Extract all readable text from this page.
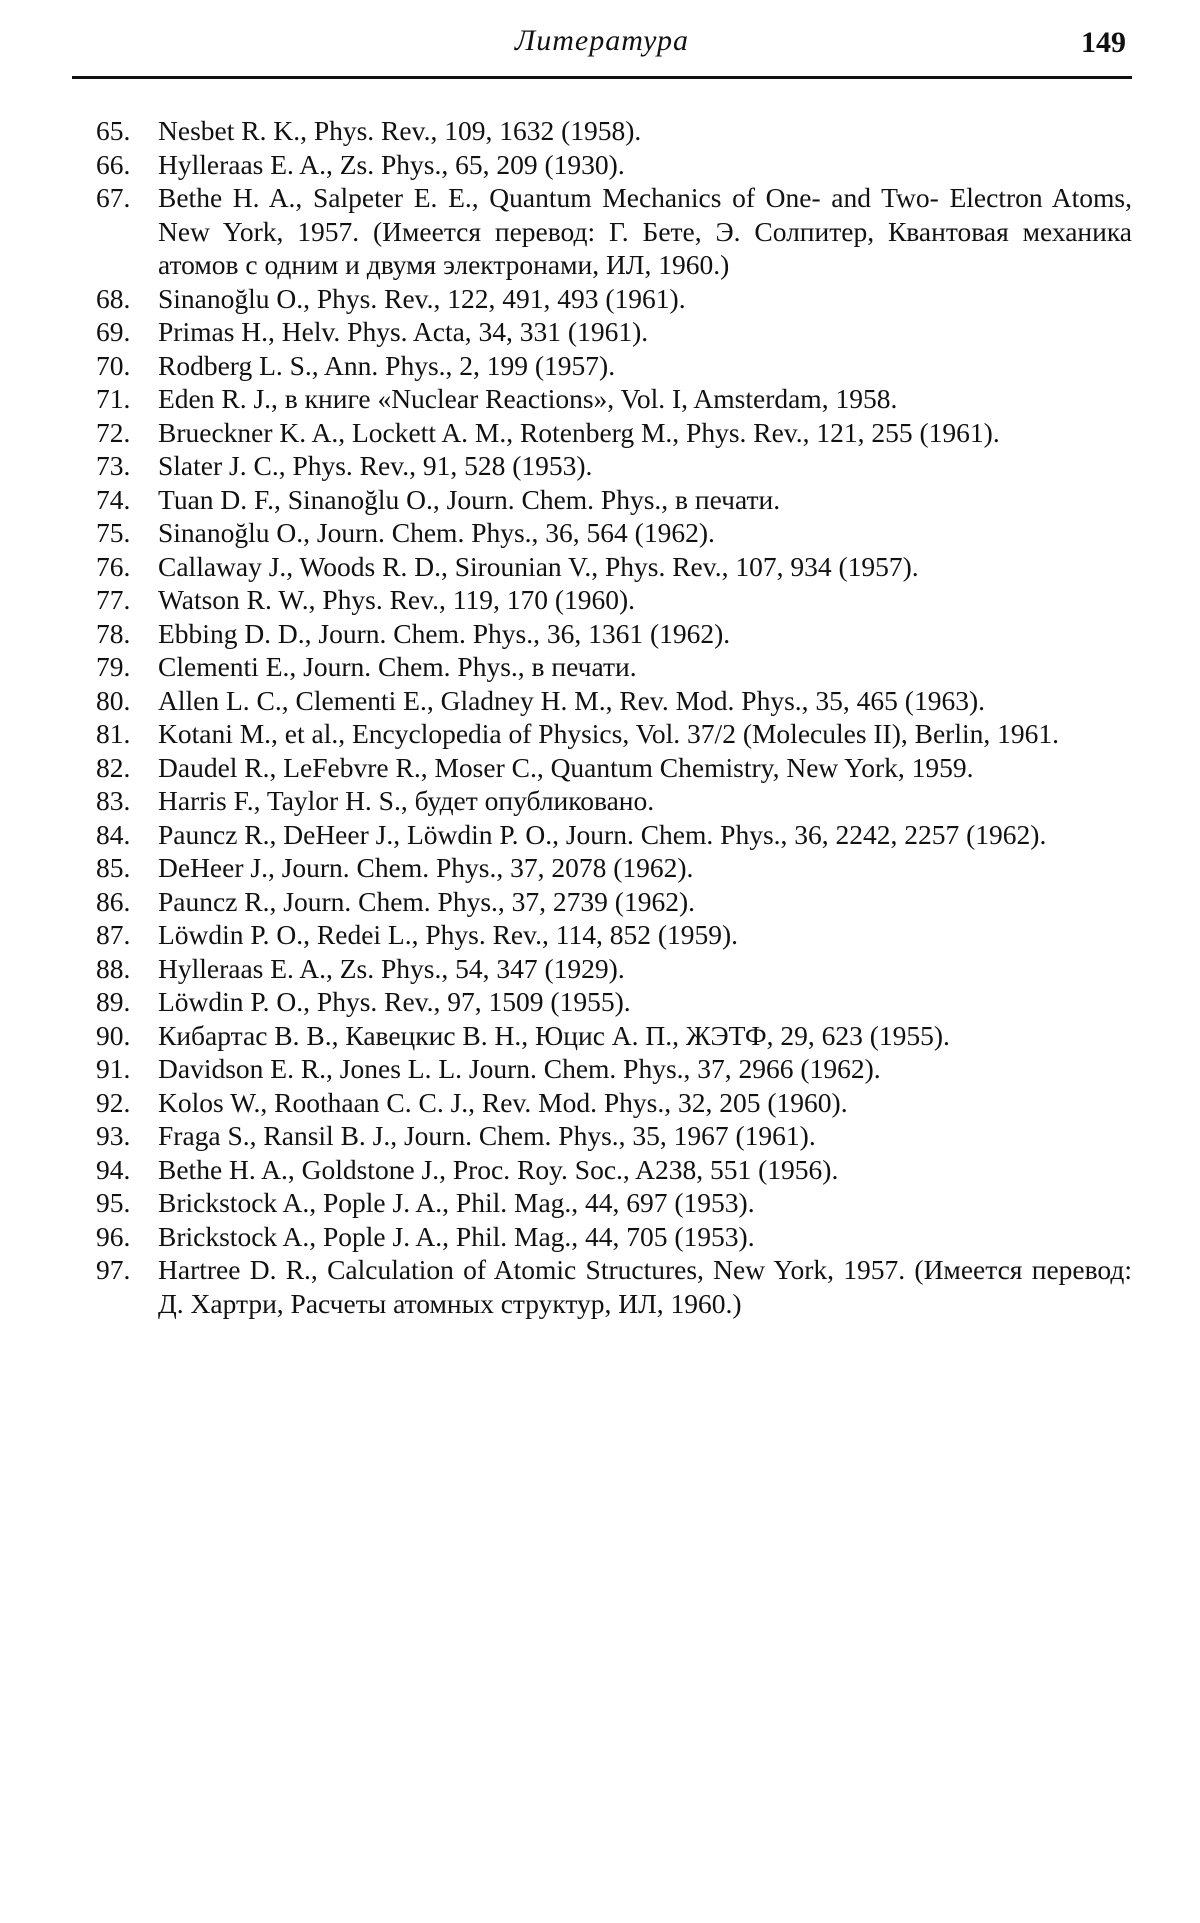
Литература	149
65. Nesbet R. K., Phys. Rev., 109, 1632 (1958).
66. Hylleraas E. A., Zs. Phys., 65, 209 (1930).
67. Bethe H. A., Salpeter E. E., Quantum Mechanics of One- and Two- Electron Atoms, New York, 1957. (Имеется перевод: Г. Бете, Э. Солпитер, Квантовая механика атомов с одним и двумя электронами, ИЛ, 1960.)
68. Sinanoğlu O., Phys. Rev., 122, 491, 493 (1961).
69. Primas H., Helv. Phys. Acta, 34, 331 (1961).
70. Rodberg L. S., Ann. Phys., 2, 199 (1957).
71. Eden R. J., в книге «Nuclear Reactions», Vol. I, Amsterdam, 1958.
72. Brueckner K. A., Lockett A. M., Rotenberg M., Phys. Rev., 121, 255 (1961).
73. Slater J. C., Phys. Rev., 91, 528 (1953).
74. Tuan D. F., Sinanoğlu O., Journ. Chem. Phys., в печати.
75. Sinanoğlu O., Journ. Chem. Phys., 36, 564 (1962).
76. Callaway J., Woods R. D., Sirounian V., Phys. Rev., 107, 934 (1957).
77. Watson R. W., Phys. Rev., 119, 170 (1960).
78. Ebbing D. D., Journ. Chem. Phys., 36, 1361 (1962).
79. Clementi E., Journ. Chem. Phys., в печати.
80. Allen L. C., Clementi E., Gladney H. M., Rev. Mod. Phys., 35, 465 (1963).
81. Kotani M., et al., Encyclopedia of Physics, Vol. 37/2 (Molecules II), Berlin, 1961.
82. Daudel R., LeFebvre R., Moser C., Quantum Chemistry, New York, 1959.
83. Harris F., Taylor H. S., будет опубликовано.
84. Pauncz R., DeHeer J., Löwdin P. O., Journ. Chem. Phys., 36, 2242, 2257 (1962).
85. DeHeer J., Journ. Chem. Phys., 37, 2078 (1962).
86. Pauncz R., Journ. Chem. Phys., 37, 2739 (1962).
87. Löwdin P. O., Redei L., Phys. Rev., 114, 852 (1959).
88. Hylleraas E. A., Zs. Phys., 54, 347 (1929).
89. Löwdin P. O., Phys. Rev., 97, 1509 (1955).
90. Кибартас В. В., Кавецкис В. Н., Юцис А. П., ЖЭТФ, 29, 623 (1955).
91. Davidson E. R., Jones L. L. Journ. Chem. Phys., 37, 2966 (1962).
92. Kolos W., Roothaan C. C. J., Rev. Mod. Phys., 32, 205 (1960).
93. Fraga S., Ransil B. J., Journ. Chem. Phys., 35, 1967 (1961).
94. Bethe H. A., Goldstone J., Proc. Roy. Soc., A238, 551 (1956).
95. Brickstock A., Pople J. A., Phil. Mag., 44, 697 (1953).
96. Brickstock A., Pople J. A., Phil. Mag., 44, 705 (1953).
97. Hartree D. R., Calculation of Atomic Structures, New York, 1957. (Имеется перевод: Д. Хартри, Расчеты атомных структур, ИЛ, 1960.)
